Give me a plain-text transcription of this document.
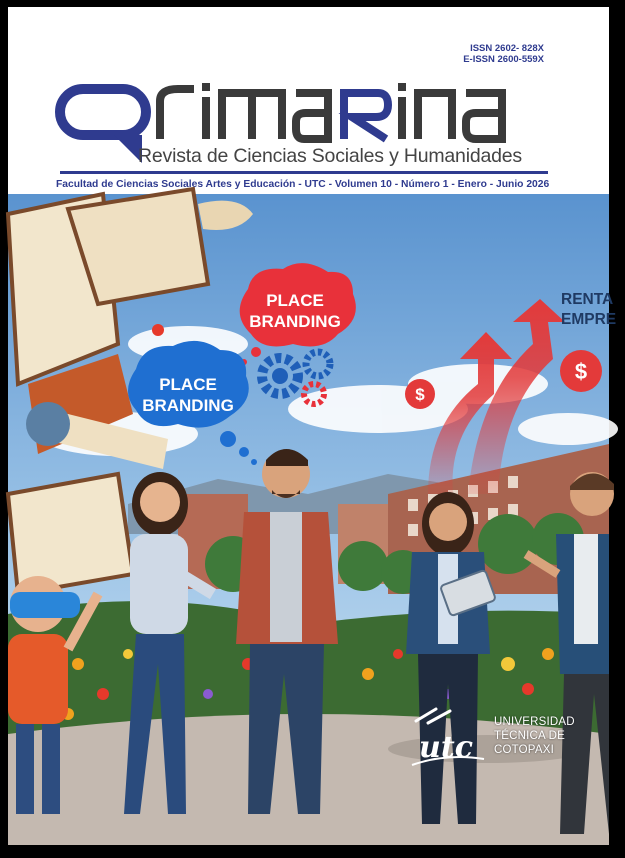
ISSN 2602- 828X
E-ISSN 2600-559X
Qrimarina
Revista de Ciencias Sociales y Humanidades
Facultad de Ciencias Sociales Artes y Educación - UTC - Volumen 10 - Número 1 - Enero - Junio 2026
PLACE
BRANDING
PLACE
BRANDING
$
$
RENTA
EMPRE
utc
UNIVERSIDAD
TÉCNICA DE
COTOPAXI
